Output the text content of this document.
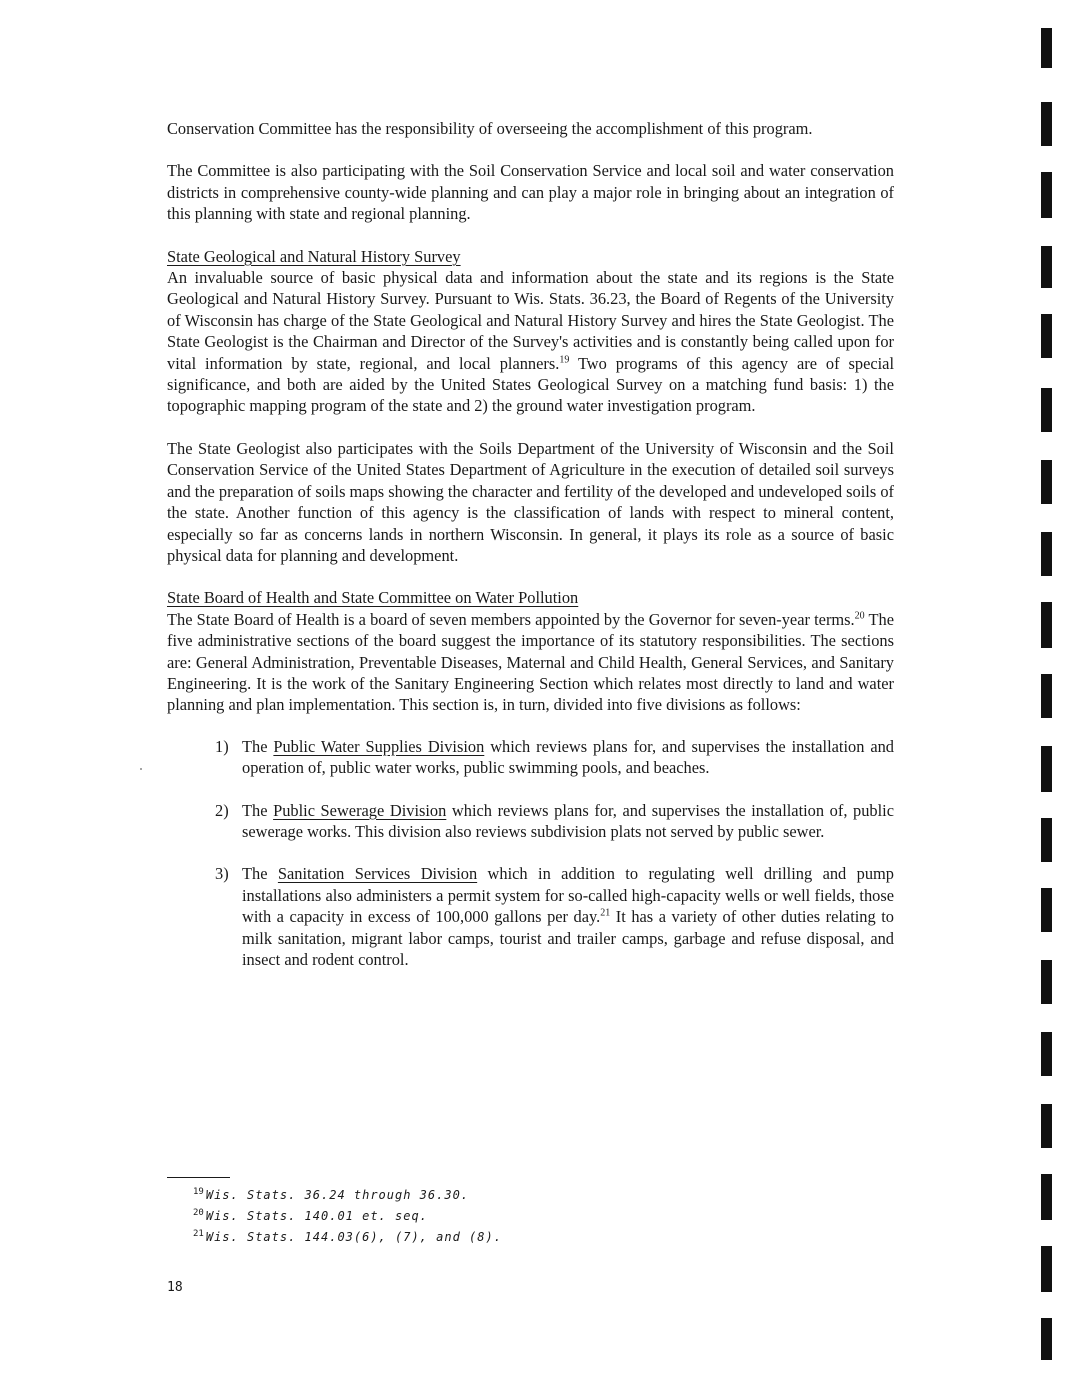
Conservation Committee has the responsibility of overseeing the accomplishment of this program.

The Committee is also participating with the Soil Conservation Service and local soil and water conservation districts in comprehensive county-wide planning and can play a major role in bringing about an integration of this planning with state and regional planning.

State Geological and Natural History Survey

An invaluable source of basic physical data and information about the state and its regions is the State Geological and Natural History Survey. Pursuant to Wis. Stats. 36.23, the Board of Regents of the University of Wisconsin has charge of the State Geological and Natural History Survey and hires the State Geologist. The State Geologist is the Chairman and Director of the Survey's activities and is constantly being called upon for vital information by state, regional, and local planners.$^{19}$ Two programs of this agency are of special significance, and both are aided by the United States Geological Survey on a matching fund basis: 1) the topographic mapping program of the state and 2) the ground water investigation program.

The State Geologist also participates with the Soils Department of the University of Wisconsin and the Soil Conservation Service of the United States Department of Agriculture in the execution of detailed soil surveys and the preparation of soils maps showing the character and fertility of the developed and undeveloped soils of the state. Another function of this agency is the classification of lands with respect to mineral content, especially so far as concerns lands in northern Wisconsin. In general, it plays its role as a source of basic physical data for planning and development.

State Board of Health and State Committee on Water Pollution

The State Board of Health is a board of seven members appointed by the Governor for seven-year terms.$^{20}$ The five administrative sections of the board suggest the importance of its statutory responsibilities. The sections are: General Administration, Preventable Diseases, Maternal and Child Health, General Services, and Sanitary Engineering. It is the work of the Sanitary Engineering Section which relates most directly to land and water planning and plan implementation. This section is, in turn, divided into five divisions as follows:

1) The Public Water Supplies Division which reviews plans for, and supervises the installation and operation of, public water works, public swimming pools, and beaches.
2) The Public Sewerage Division which reviews plans for, and supervises the installation of, public sewerage works. This division also reviews subdivision plats not served by public sewer.
3) The Sanitation Services Division which in addition to regulating well drilling and pump installations also administers a permit system for so-called high-capacity wells or well fields, those with a capacity in excess of 100,000 gallons per day.$^{21}$ It has a variety of other duties relating to milk sanitation, migrant labor camps, tourist and trailer camps, garbage and refuse disposal, and insect and rodent control.
$^{19}$ Wis. Stats. 36.24 through 36.30.
$^{20}$ Wis. Stats. 140.01 et. seq.
$^{21}$ Wis. Stats. 144.03(6), (7), and (8).
18
